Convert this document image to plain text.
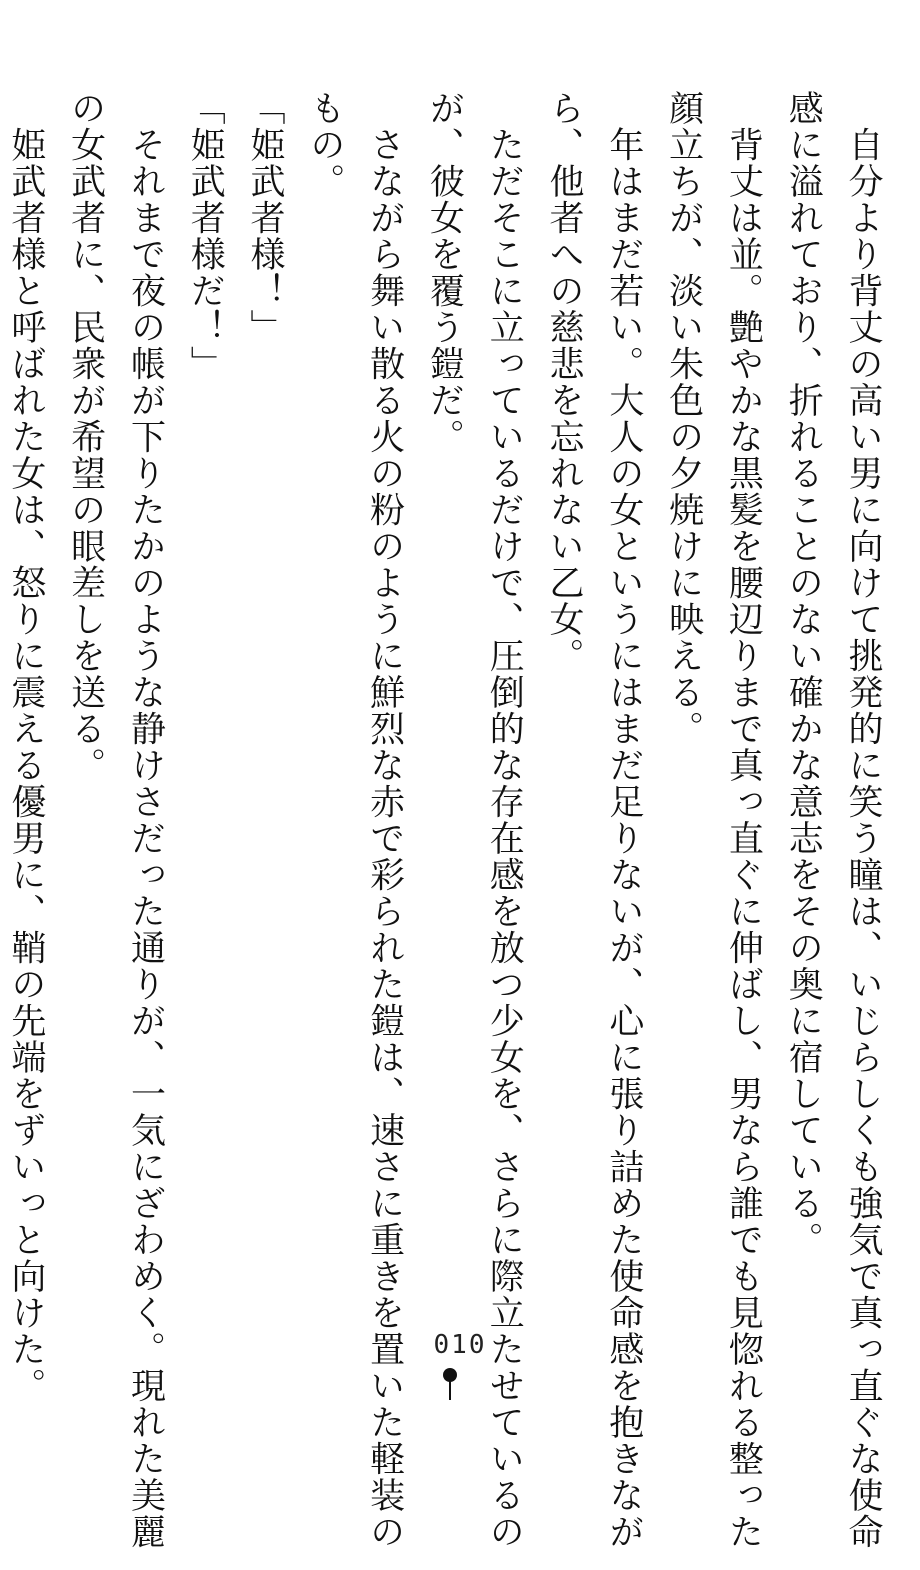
　自分より背丈の高い男に向けて挑発的に笑う瞳は、いじらしくも強気で真っ直ぐな使命

感に溢れており、折れることのない確かな意志をその奥に宿している。

　背丈は並。艶やかな黒髪を腰辺りまで真っ直ぐに伸ばし、男なら誰でも見惚れる整った

顔立ちが、淡い朱色の夕焼けに映える。

　年はまだ若い。大人の女というにはまだ足りないが、心に張り詰めた使命感を抱きなが

ら、他者への慈悲を忘れない乙女。

　ただそこに立っているだけで、圧倒的な存在感を放つ少女を、さらに際立たせているの

が、彼女を覆う鎧だ。

　さながら舞い散る火の粉のように鮮烈な赤で彩られた鎧は、速さに重きを置いた軽装の

もの。

「姫武者様！」

「姫武者様だ！」

　それまで夜の帳が下りたかのような静けさだった通りが、一気にざわめく。現れた美麗

の女武者に、民衆が希望の眼差しを送る。

　姫武者様と呼ばれた女は、怒りに震える優男に、鞘の先端をずいっと向けた。	010
